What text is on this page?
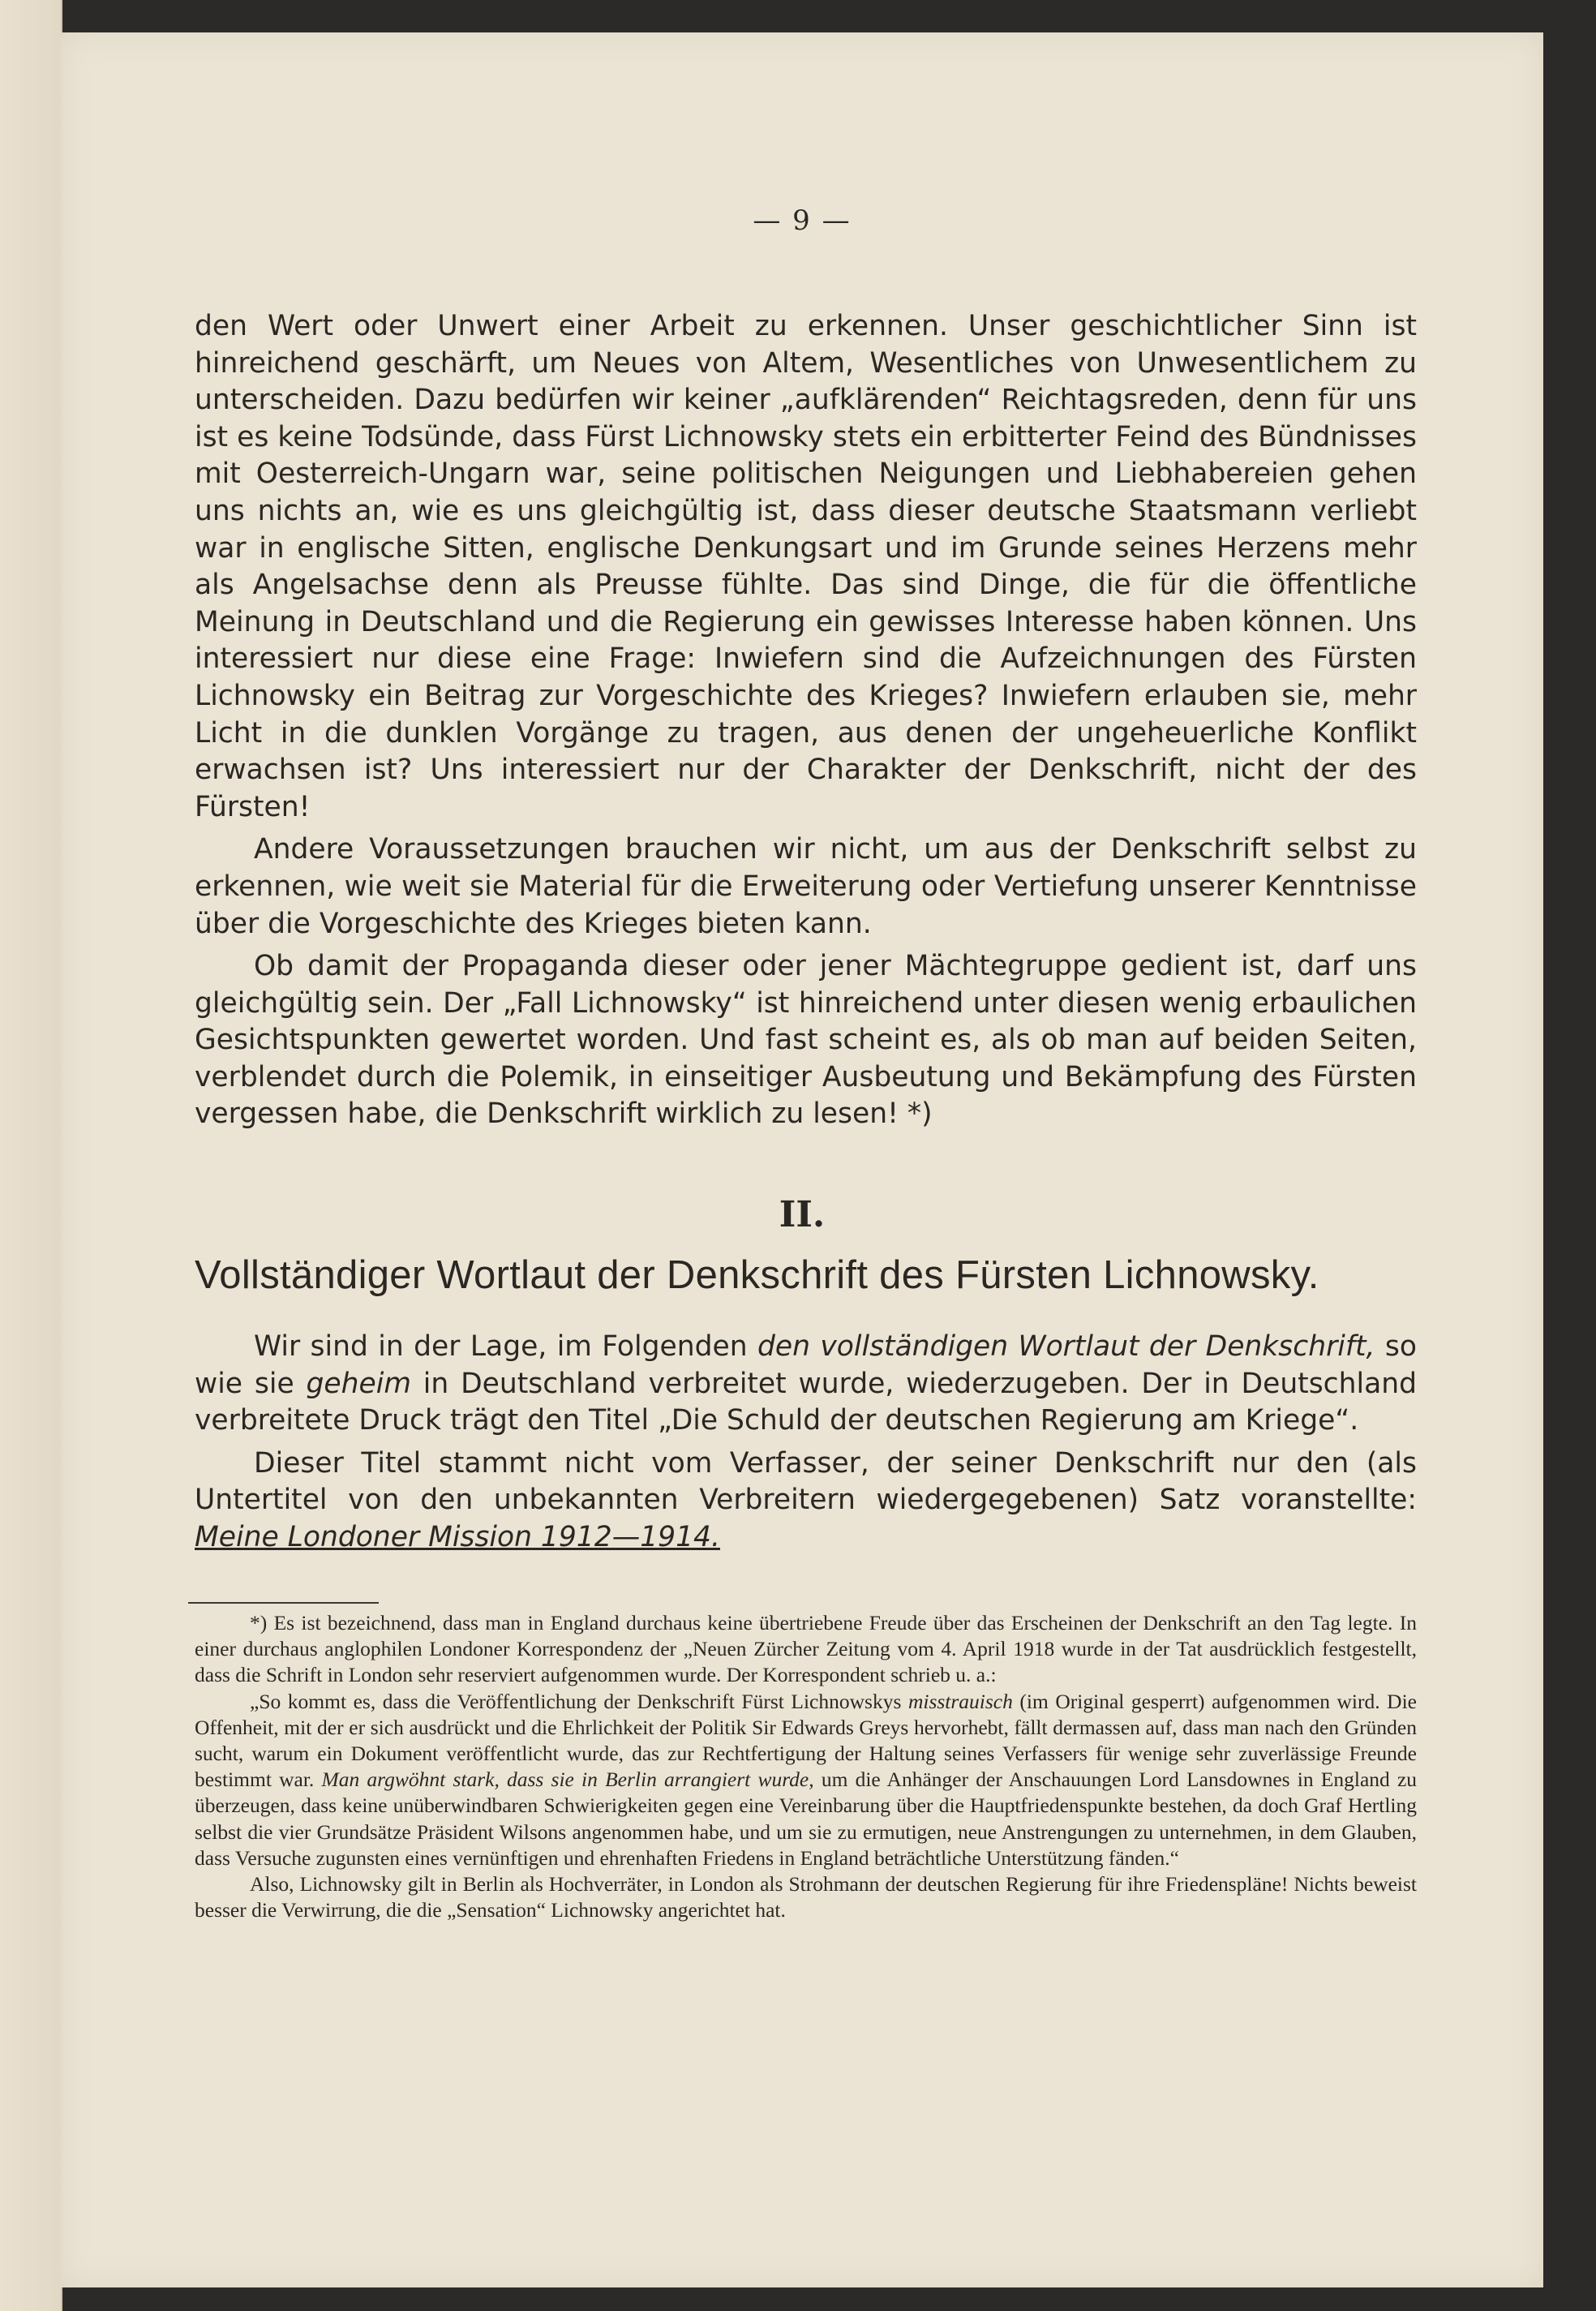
— 9 —

den Wert oder Unwert einer Arbeit zu erkennen. Unser geschichtlicher Sinn ist hinreichend geschärft, um Neues von Altem, Wesentliches von Unwesentlichem zu unterscheiden. Dazu bedürfen wir keiner „aufklärenden“ Reichtagsreden, denn für uns ist es keine Todsünde, dass Fürst Lichnowsky stets ein erbitterter Feind des Bündnisses mit Oesterreich-Ungarn war, seine politischen Neigungen und Liebhabereien gehen uns nichts an, wie es uns gleichgültig ist, dass dieser deutsche Staatsmann verliebt war in englische Sitten, englische Denkungsart und im Grunde seines Herzens mehr als Angelsachse denn als Preusse fühlte. Das sind Dinge, die für die öffentliche Meinung in Deutschland und die Regierung ein gewisses Interesse haben können. Uns interessiert nur diese eine Frage: Inwiefern sind die Aufzeichnungen des Fürsten Lichnowsky ein Beitrag zur Vorgeschichte des Krieges? Inwiefern erlauben sie, mehr Licht in die dunklen Vorgänge zu tragen, aus denen der ungeheuerliche Konflikt erwachsen ist? Uns interessiert nur der Charakter der Denkschrift, nicht der des Fürsten!

Andere Voraussetzungen brauchen wir nicht, um aus der Denkschrift selbst zu erkennen, wie weit sie Material für die Erweiterung oder Vertiefung unserer Kenntnisse über die Vorgeschichte des Krieges bieten kann.

Ob damit der Propaganda dieser oder jener Mächtegruppe gedient ist, darf uns gleichgültig sein. Der „Fall Lichnowsky“ ist hinreichend unter diesen wenig erbaulichen Gesichtspunkten gewertet worden. Und fast scheint es, als ob man auf beiden Seiten, verblendet durch die Polemik, in einseitiger Ausbeutung und Bekämpfung des Fürsten vergessen habe, die Denkschrift wirklich zu lesen! *)

II.
Vollständiger Wortlaut der Denkschrift des Fürsten Lichnowsky.

Wir sind in der Lage, im Folgenden den vollständigen Wortlaut der Denkschrift, so wie sie geheim in Deutschland verbreitet wurde, wiederzugeben. Der in Deutschland verbreitete Druck trägt den Titel „Die Schuld der deutschen Regierung am Kriege“.

Dieser Titel stammt nicht vom Verfasser, der seiner Denkschrift nur den (als Untertitel von den unbekannten Verbreitern wiedergegebenen) Satz voranstellte: Meine Londoner Mission 1912—1914.

*) Es ist bezeichnend, dass man in England durchaus keine übertriebene Freude über das Erscheinen der Denkschrift an den Tag legte. In einer durchaus anglophilen Londoner Korrespondenz der „Neuen Zürcher Zeitung vom 4. April 1918 wurde in der Tat ausdrücklich festgestellt, dass die Schrift in London sehr reserviert aufgenommen wurde. Der Korrespondent schrieb u. a.:

„So kommt es, dass die Veröffentlichung der Denkschrift Fürst Lichnowskys misstrauisch (im Original gesperrt) aufgenommen wird. Die Offenheit, mit der er sich ausdrückt und die Ehrlichkeit der Politik Sir Edwards Greys hervorhebt, fällt dermassen auf, dass man nach den Gründen sucht, warum ein Dokument veröffentlicht wurde, das zur Rechtfertigung der Haltung seines Verfassers für wenige sehr zuverlässige Freunde bestimmt war. Man argwöhnt stark, dass sie in Berlin arrangiert wurde, um die Anhänger der Anschauungen Lord Lansdownes in England zu überzeugen, dass keine unüberwindbaren Schwierigkeiten gegen eine Vereinbarung über die Hauptfriedenspunkte bestehen, da doch Graf Hertling selbst die vier Grundsätze Präsident Wilsons angenommen habe, und um sie zu ermutigen, neue Anstrengungen zu unternehmen, in dem Glauben, dass Versuche zugunsten eines vernünftigen und ehrenhaften Friedens in England beträchtliche Unterstützung fänden.“

Also, Lichnowsky gilt in Berlin als Hochverräter, in London als Strohmann der deutschen Regierung für ihre Friedenspläne! Nichts beweist besser die Verwirrung, die die „Sensation“ Lichnowsky angerichtet hat.
